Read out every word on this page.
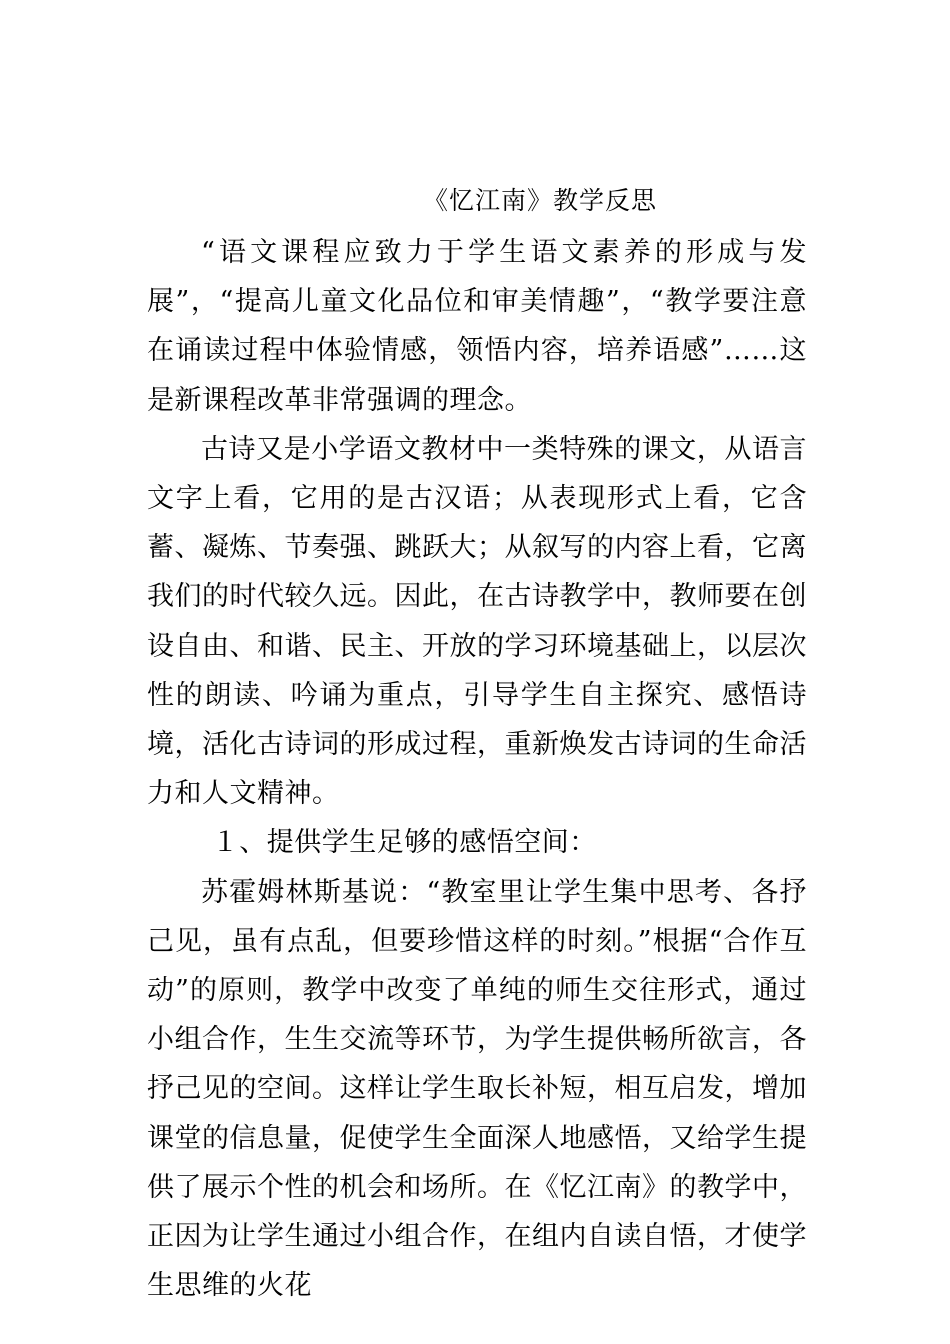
《忆江南》教学反思

“语文课程应致力于学生语文素养的形成与发展”，“提高儿童文化品位和审美情趣”，“教学要注意在诵读过程中体验情感，领悟内容，培养语感”……这是新课程改革非常强调的理念。

古诗又是小学语文教材中一类特殊的课文，从语言文字上看，它用的是古汉语；从表现形式上看，它含蓄、凝炼、节奏强、跳跃大；从叙写的内容上看，它离我们的时代较久远。因此，在古诗教学中，教师要在创设自由、和谐、民主、开放的学习环境基础上，以层次性的朗读、吟诵为重点，引导学生自主探究、感悟诗境，活化古诗词的形成过程，重新焕发古诗词的生命活力和人文精神。

１、提供学生足够的感悟空间：

苏霍姆林斯基说：“教室里让学生集中思考、各抒己见，虽有点乱，但要珍惜这样的时刻。”根据“合作互动”的原则，教学中改变了单纯的师生交往形式，通过小组合作，生生交流等环节，为学生提供畅所欲言，各抒己见的空间。这样让学生取长补短，相互启发，增加课堂的信息量，促使学生全面深人地感悟，又给学生提供了展示个性的机会和场所。在《忆江南》的教学中，正因为让学生通过小组合作，在组内自读自悟，才使学生思维的火花
